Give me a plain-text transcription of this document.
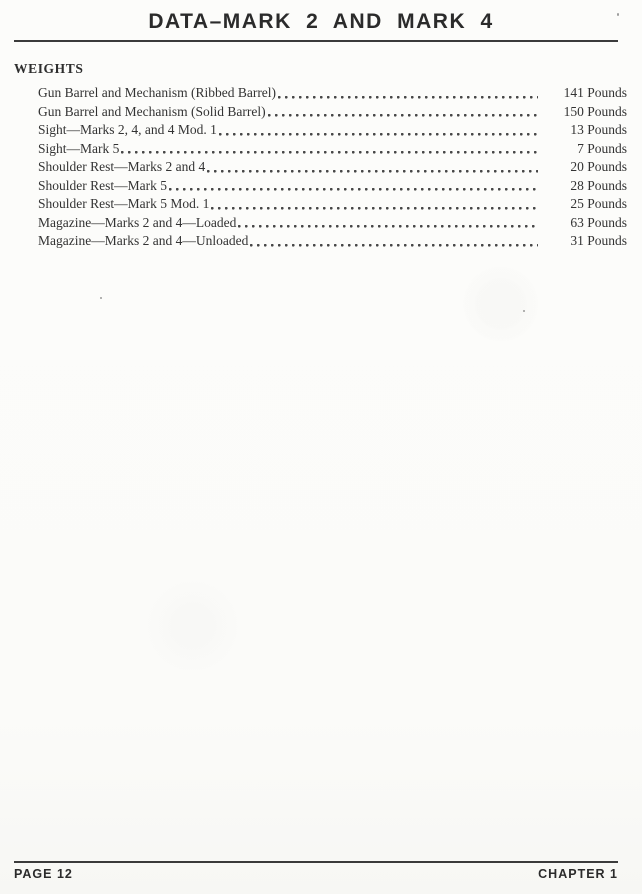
DATA–MARK 2 AND MARK 4
WEIGHTS
Gun Barrel and Mechanism (Ribbed Barrel)	141 Pounds
Gun Barrel and Mechanism (Solid Barrel)	150 Pounds
Sight—Marks 2, 4, and 4 Mod. 1	13 Pounds
Sight—Mark 5	7 Pounds
Shoulder Rest—Marks 2 and 4	20 Pounds
Shoulder Rest—Mark 5	28 Pounds
Shoulder Rest—Mark 5 Mod. 1	25 Pounds
Magazine—Marks 2 and 4—Loaded	63 Pounds
Magazine—Marks 2 and 4—Unloaded	31 Pounds
PAGE 12	CHAPTER 1
